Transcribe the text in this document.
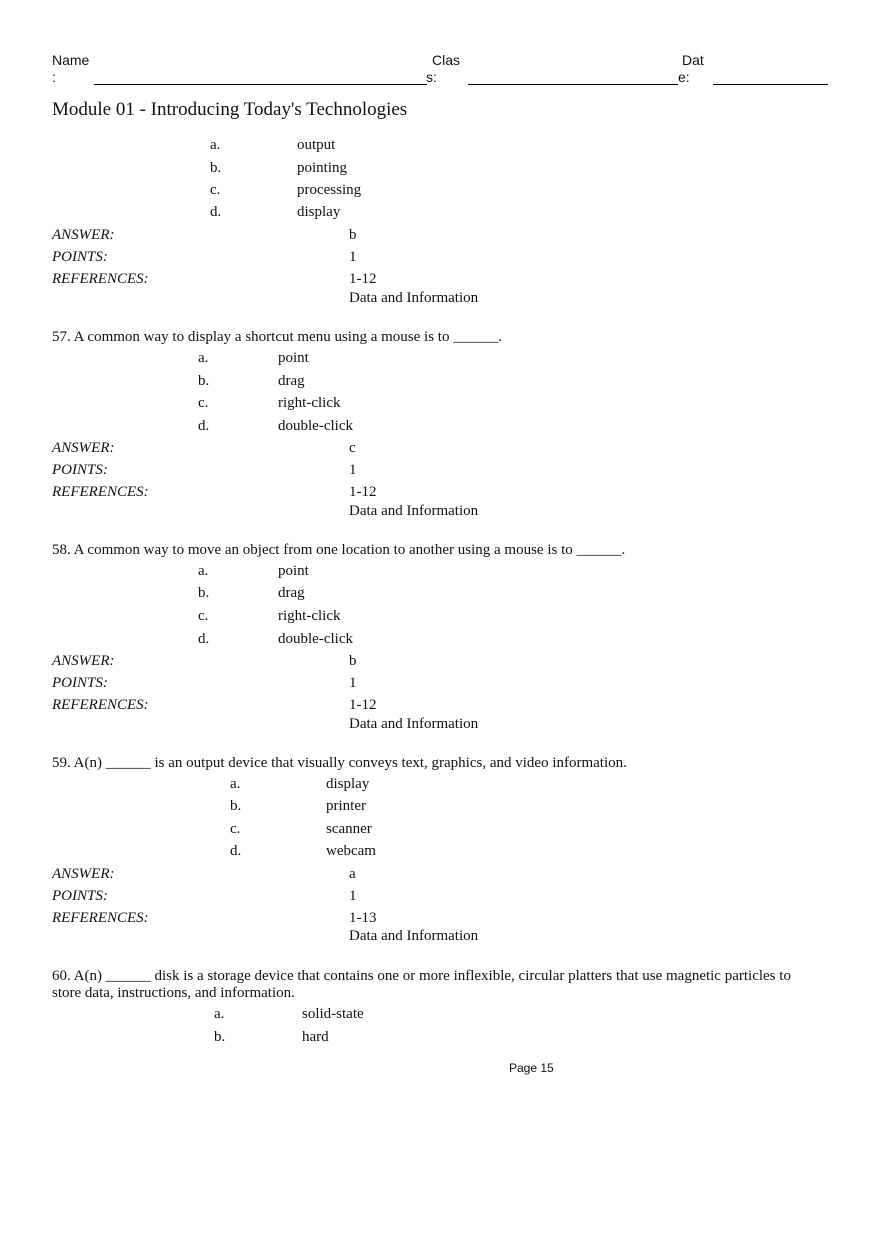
Name
:
Clas
s:
Dat
e:
Module 01 - Introducing Today's Technologies
a.	output
b.	pointing
c.	processing
d.	display
ANSWER:	b
POINTS:	1
REFERENCES:	1-12
Data and Information
57. A common way to display a shortcut menu using a mouse is to ______.
a.	point
b.	drag
c.	right-click
d.	double-click
ANSWER:	c
POINTS:	1
REFERENCES:	1-12
Data and Information
58. A common way to move an object from one location to another using a mouse is to ______.
a.	point
b.	drag
c.	right-click
d.	double-click
ANSWER:	b
POINTS:	1
REFERENCES:	1-12
Data and Information
59. A(n) ______ is an output device that visually conveys text, graphics, and video information.
a.	display
b.	printer
c.	scanner
d.	webcam
ANSWER:	a
POINTS:	1
REFERENCES:	1-13
Data and Information
60. A(n) ______ disk is a storage device that contains one or more inflexible, circular platters that use magnetic particles to store data, instructions, and information.
a.	solid-state
b.	hard
Page 15
